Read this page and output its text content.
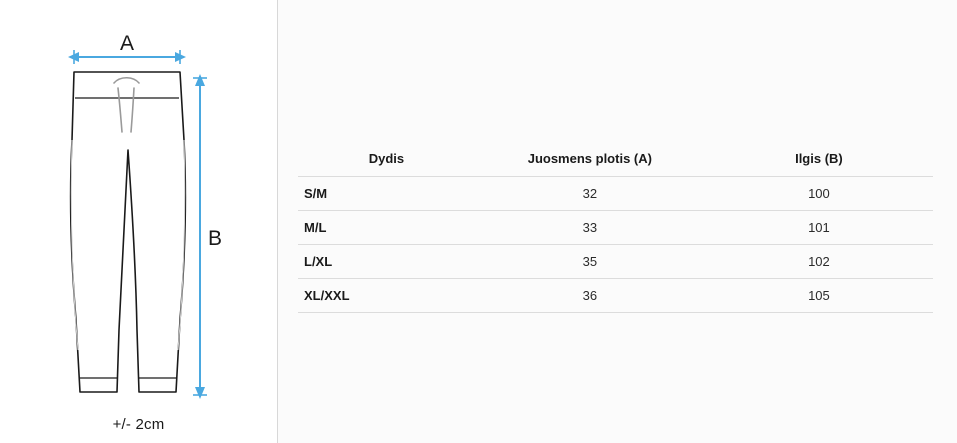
A
B
+/- 2cm
Dydis	Juosmens plotis (A)	Ilgis (B)
S/M	32	100
M/L	33	101
L/XL	35	102
XL/XXL	36	105
